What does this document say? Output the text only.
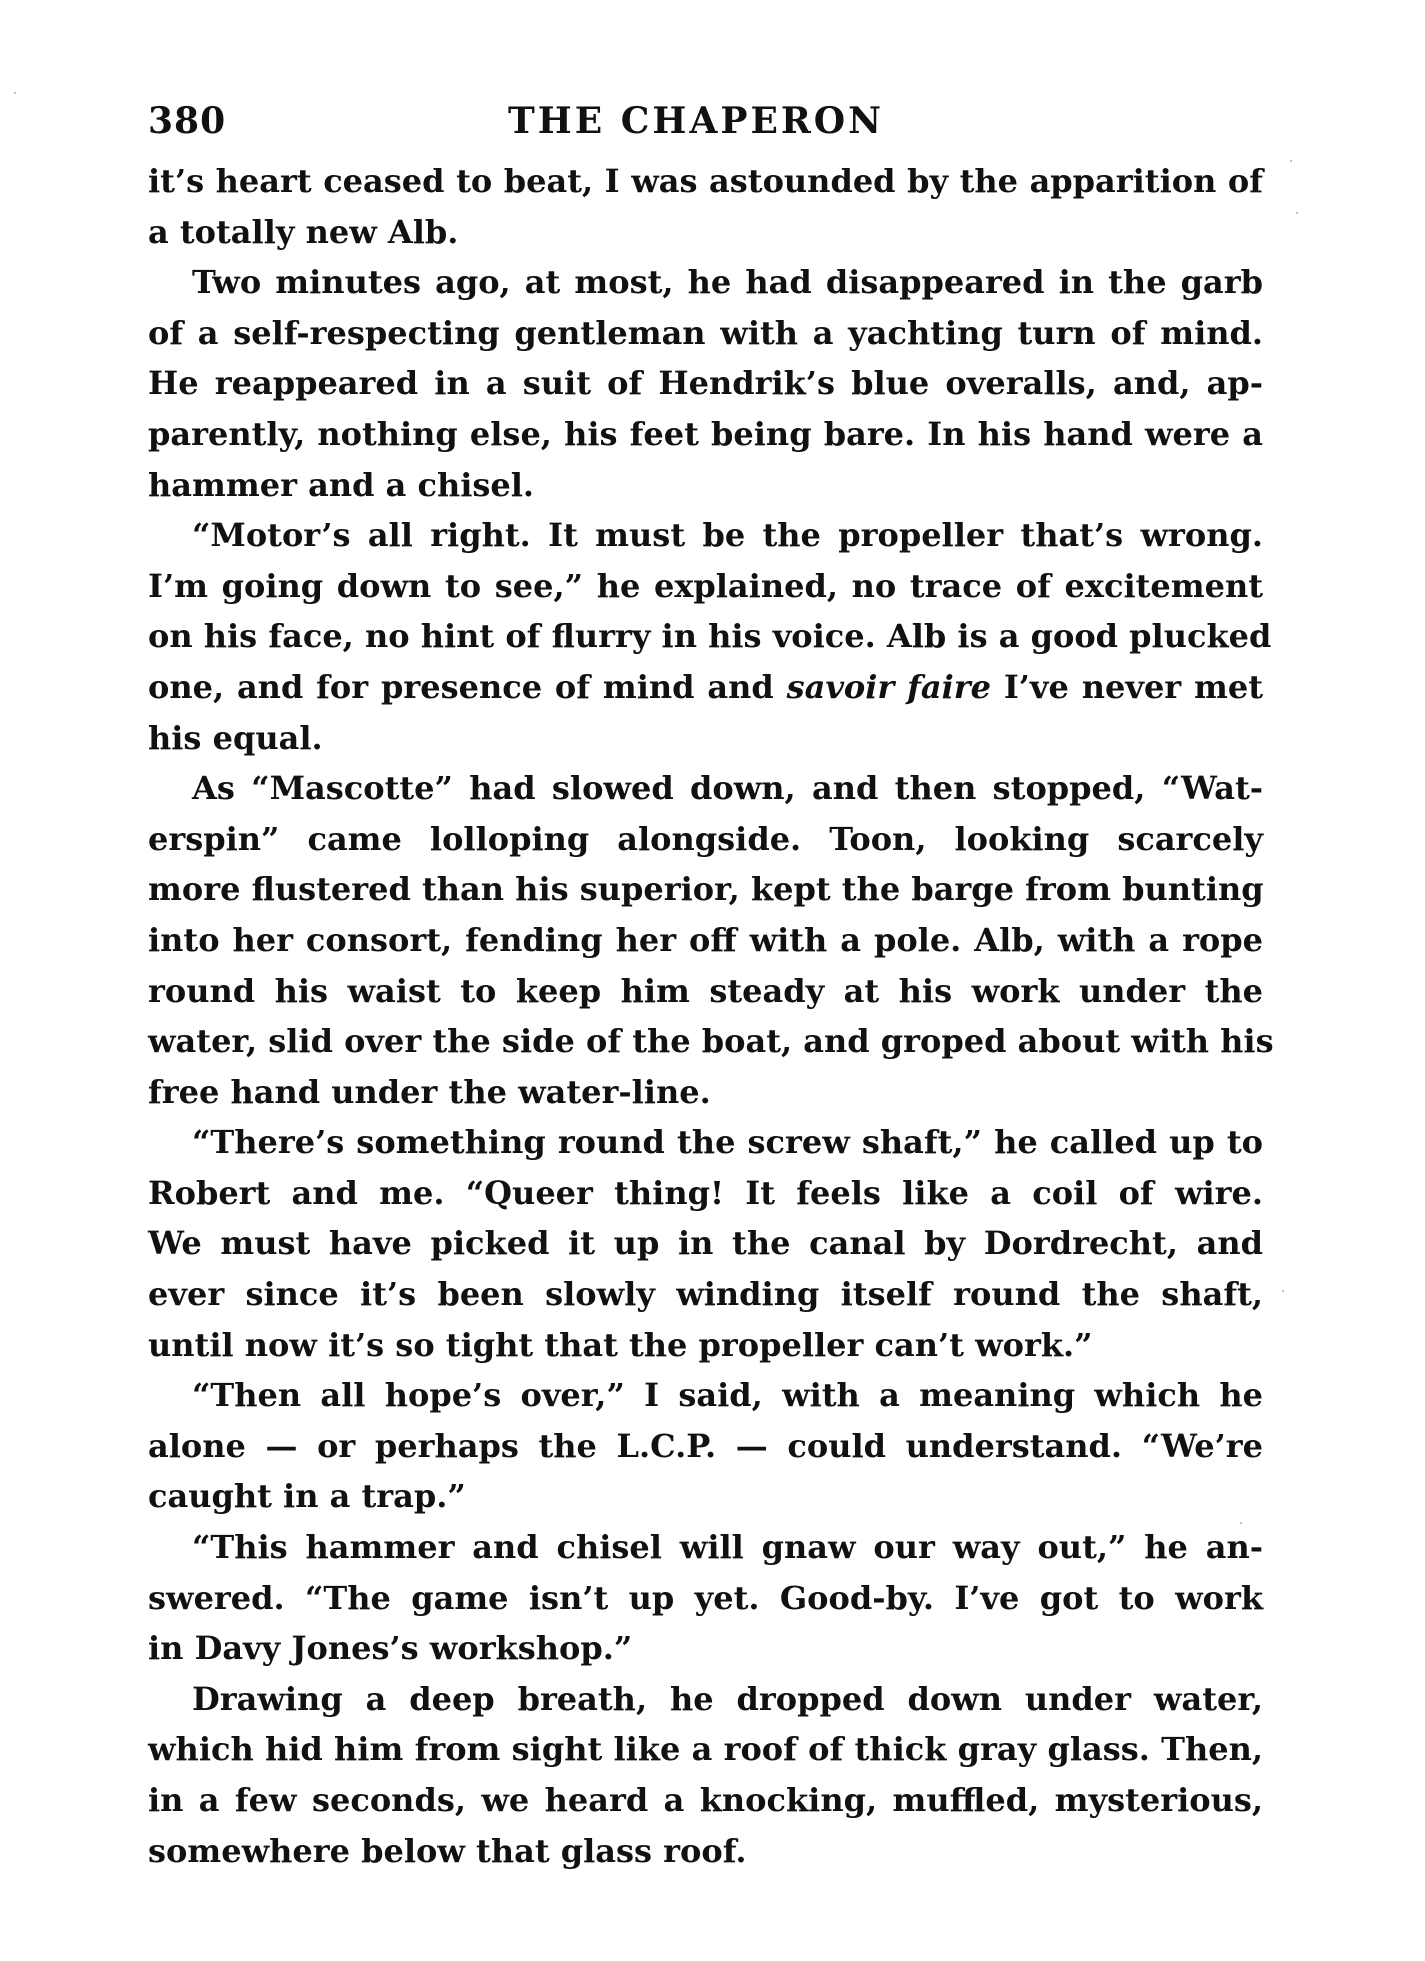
380	THE CHAPERON
it’s heart ceased to beat, I was astounded by the apparition of
a totally new Alb.
Two minutes ago, at most, he had disappeared in the garb
of a self-respecting gentleman with a yachting turn of mind.
He reappeared in a suit of Hendrik’s blue overalls, and, ap-
parently, nothing else, his feet being bare. In his hand were a
hammer and a chisel.
“Motor’s all right. It must be the propeller that’s wrong.
I’m going down to see,” he explained, no trace of excitement
on his face, no hint of flurry in his voice. Alb is a good plucked
one, and for presence of mind and savoir faire I’ve never met
his equal.
As “Mascotte” had slowed down, and then stopped, “Wat-
erspin” came lolloping alongside. Toon, looking scarcely
more flustered than his superior, kept the barge from bunting
into her consort, fending her off with a pole. Alb, with a rope
round his waist to keep him steady at his work under the
water, slid over the side of the boat, and groped about with his
free hand under the water-line.
“There’s something round the screw shaft,” he called up to
Robert and me. “Queer thing! It feels like a coil of wire.
We must have picked it up in the canal by Dordrecht, and
ever since it’s been slowly winding itself round the shaft,
until now it’s so tight that the propeller can’t work.”
“Then all hope’s over,” I said, with a meaning which he
alone — or perhaps the L.C.P. — could understand. “We’re
caught in a trap.”
“This hammer and chisel will gnaw our way out,” he an-
swered. “The game isn’t up yet. Good-by. I’ve got to work
in Davy Jones’s workshop.”
Drawing a deep breath, he dropped down under water,
which hid him from sight like a roof of thick gray glass. Then,
in a few seconds, we heard a knocking, muffled, mysterious,
somewhere below that glass roof.
